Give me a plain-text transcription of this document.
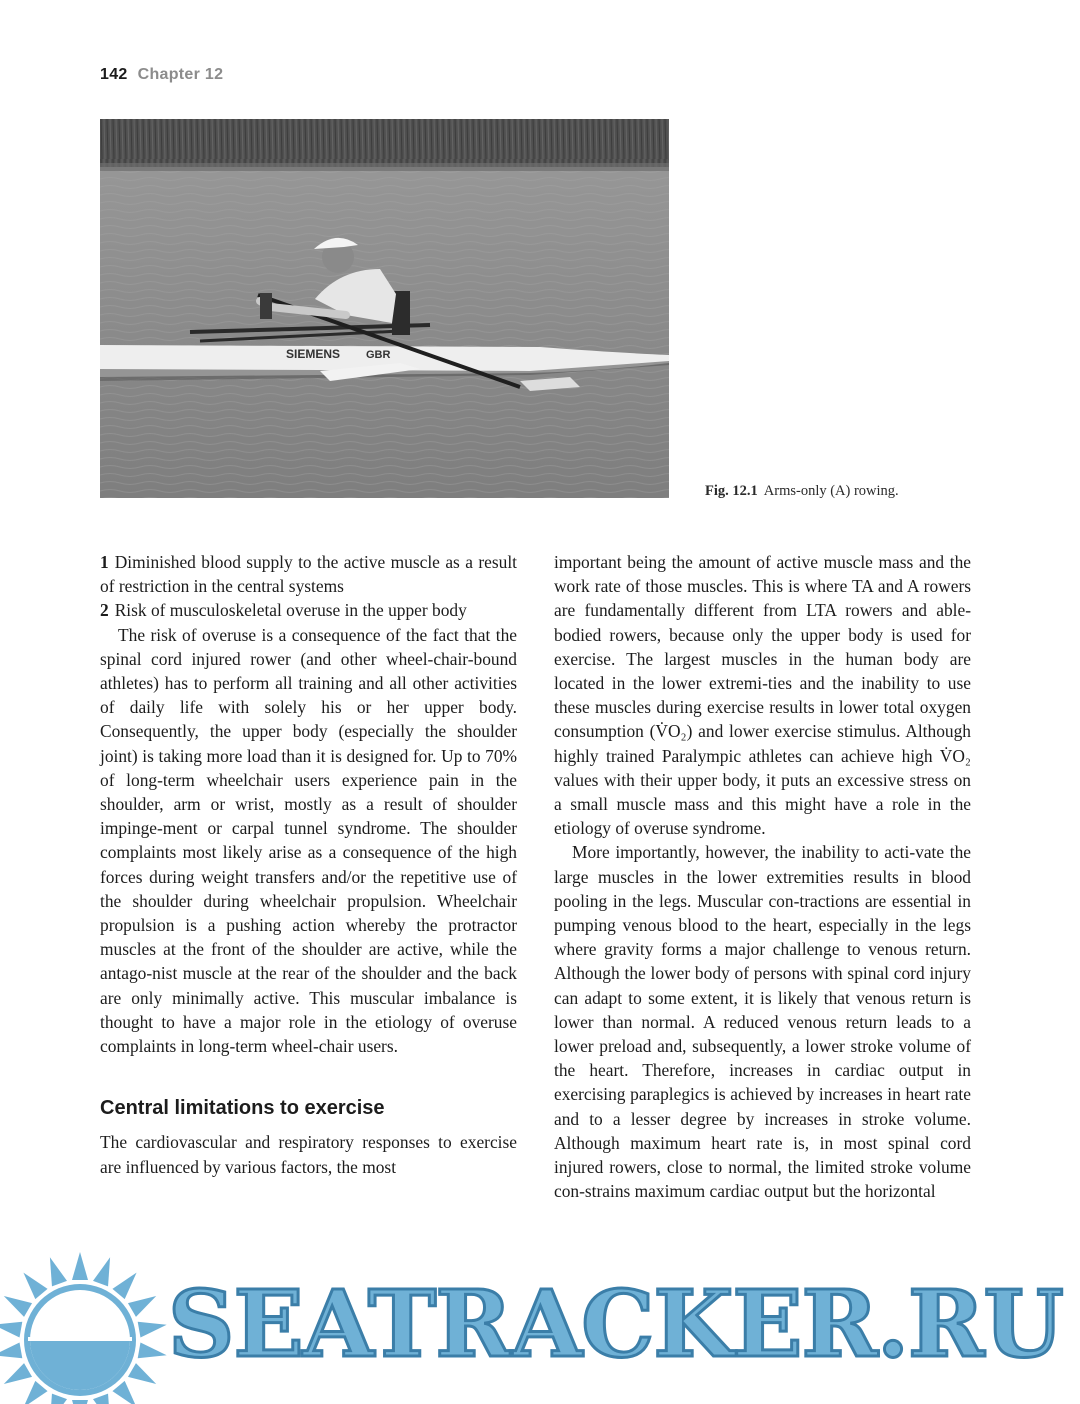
142 Chapter 12
SIEMENS GBR
Fig. 12.1 Arms-only (A) rowing.

1 Diminished blood supply to the active muscle as a result of restriction in the central systems

2 Risk of musculoskeletal overuse in the upper body

The risk of overuse is a consequence of the fact that the spinal cord injured rower (and other wheel-chair-bound athletes) has to perform all training and all other activities of daily life with solely his or her upper body. Consequently, the upper body (especially the shoulder joint) is taking more load than it is designed for. Up to 70% of long-term wheelchair users experience pain in the shoulder, arm or wrist, mostly as a result of shoulder impinge-ment or carpal tunnel syndrome. The shoulder complaints most likely arise as a consequence of the high forces during weight transfers and/or the repetitive use of the shoulder during wheelchair propulsion. Wheelchair propulsion is a pushing action whereby the protractor muscles at the front of the shoulder are active, while the antago-nist muscle at the rear of the shoulder and the back are only minimally active. This muscular imbalance is thought to have a major role in the etiology of overuse complaints in long-term wheel-chair users.

Central limitations to exercise

The cardiovascular and respiratory responses to exercise are influenced by various factors, the most

important being the amount of active muscle mass and the work rate of those muscles. This is where TA and A rowers are fundamentally different from LTA rowers and able-bodied rowers, because only the upper body is used for exercise. The largest muscles in the human body are located in the lower extremi-ties and the inability to use these muscles during exercise results in lower total oxygen consumption (V̇O₂) and lower exercise stimulus. Although highly trained Paralympic athletes can achieve high V̇O₂ values with their upper body, it puts an excessive stress on a small muscle mass and this might have a role in the etiology of overuse syndrome.

More importantly, however, the inability to acti-vate the large muscles in the lower extremities results in blood pooling in the legs. Muscular con-tractions are essential in pumping venous blood to the heart, especially in the legs where gravity forms a major challenge to venous return. Although the lower body of persons with spinal cord injury can adapt to some extent, it is likely that venous return is lower than normal. A reduced venous return leads to a lower preload and, subsequently, a lower stroke volume of the heart. Therefore, increases in cardiac output in exercising paraplegics is achieved by increases in heart rate and to a lesser degree by increases in stroke volume. Although maximum heart rate is, in most spinal cord injured rowers, close to normal, the limited stroke volume con-strains maximum cardiac output but the horizontal

SEATRACKER.RU
